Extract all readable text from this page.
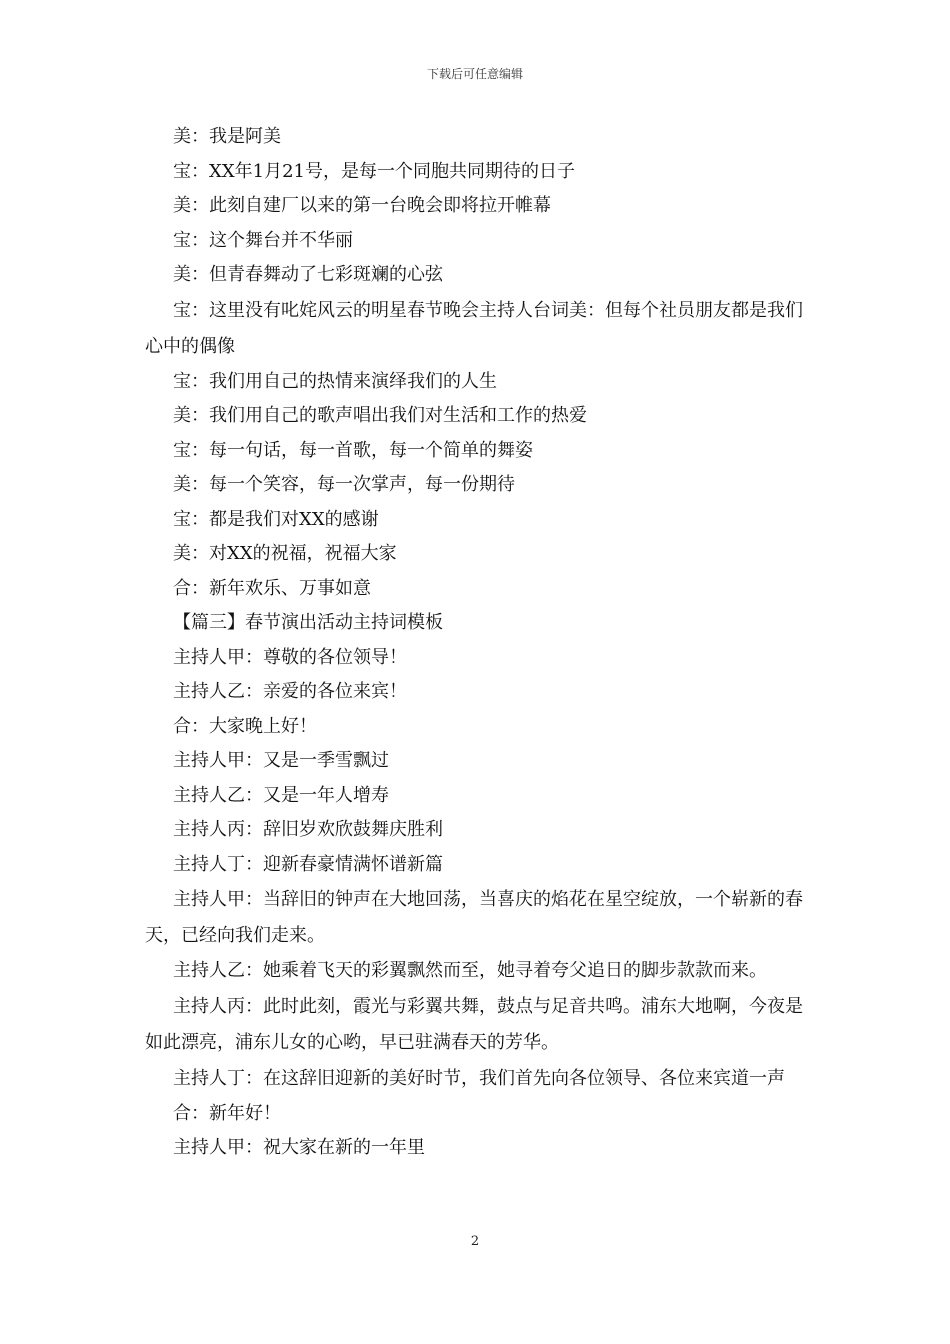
下载后可任意编辑

美：我是阿美

宝：XX年1月21号，是每一个同胞共同期待的日子

美：此刻自建厂以来的第一台晚会即将拉开帷幕

宝：这个舞台并不华丽

美：但青春舞动了七彩斑斓的心弦

宝：这里没有叱姹风云的明星春节晚会主持人台词美：但每个社员朋友都是我们心中的偶像

宝：我们用自己的热情来演绎我们的人生

美：我们用自己的歌声唱出我们对生活和工作的热爱

宝：每一句话，每一首歌，每一个简单的舞姿

美：每一个笑容，每一次掌声，每一份期待

宝：都是我们对XX的感谢

美：对XX的祝福，祝福大家

合：新年欢乐、万事如意

【篇三】春节演出活动主持词模板

主持人甲：尊敬的各位领导！

主持人乙：亲爱的各位来宾！

合：大家晚上好！

主持人甲：又是一季雪飘过

主持人乙：又是一年人增寿

主持人丙：辞旧岁欢欣鼓舞庆胜利

主持人丁：迎新春豪情满怀谱新篇

主持人甲：当辞旧的钟声在大地回荡，当喜庆的焰花在星空绽放，一个崭新的春天，已经向我们走来。

主持人乙：她乘着飞天的彩翼飘然而至，她寻着夸父追日的脚步款款而来。

主持人丙：此时此刻，霞光与彩翼共舞，鼓点与足音共鸣。浦东大地啊，今夜是如此漂亮，浦东儿女的心哟，早已驻满春天的芳华。

主持人丁：在这辞旧迎新的美好时节，我们首先向各位领导、各位来宾道一声

合：新年好！

主持人甲：祝大家在新的一年里

2
